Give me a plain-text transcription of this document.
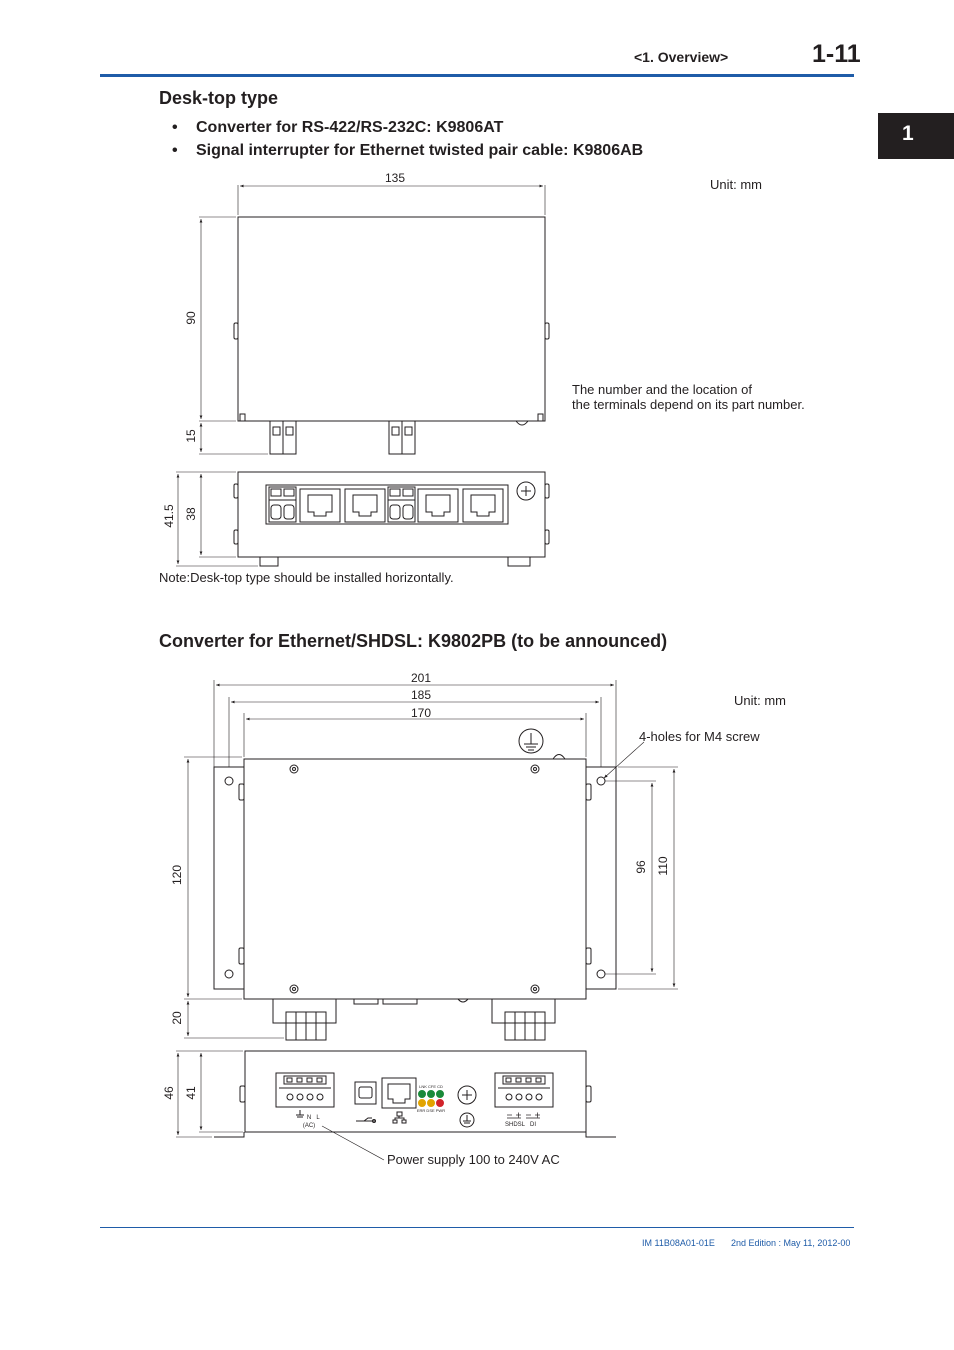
<1. Overview>	1-11
1
Desk-top type
• Converter for RS-422/RS-232C: K9806AT
• Signal interrupter for Ethernet twisted pair cable: K9806AB
Unit: mm
The number and the location of
the terminals depend on its part number.
Note:Desk-top type should be installed horizontally.
Converter for Ethernet/SHDSL: K9802PB (to be announced)
Unit: mm
4-holes for M4 screw
Power supply 100 to 240V AC
135
90
15
41.5 38
201
185
170
120
20
96 110
46 41
N L
(AC)
LNK CFE CD
ERR DSE PWR
SHDSL DI
IM 11B08A01-01E 2nd Edition : May 11, 2012-00
